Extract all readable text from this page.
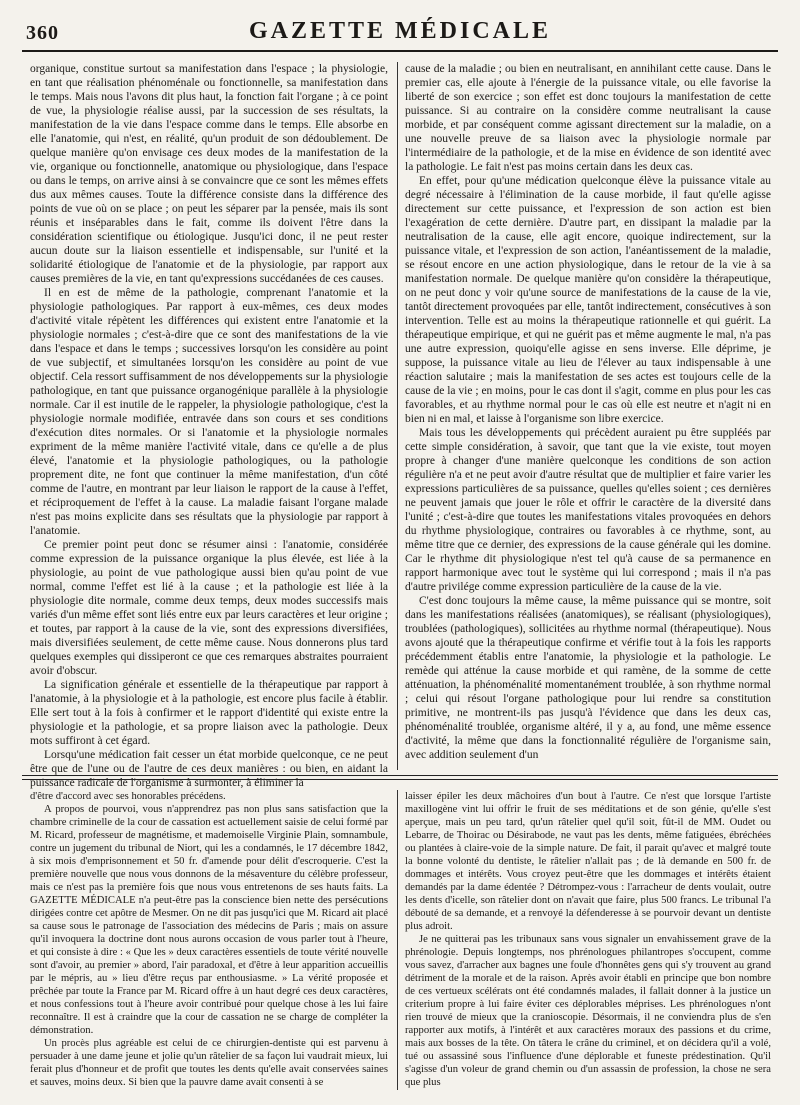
360	GAZETTE MÉDICALE

organique, constitue surtout sa manifestation dans l'espace ; la physiologie, en tant que réalisation phénoménale ou fonctionnelle, sa manifestation dans le temps. Mais nous l'avons dit plus haut, la fonction fait l'organe ; à ce point de vue, la physiologie réalise aussi, par la succession de ses résultats, la manifestation de la vie dans l'espace comme dans le temps. Elle absorbe en elle l'anatomie, qui n'est, en réalité, qu'un produit de son dédoublement. De quelque manière qu'on envisage ces deux modes de la manifestation de la vie, organique ou fonctionnelle, anatomique ou physiologique, dans l'espace ou dans le temps, on arrive ainsi à se convaincre que ce sont les mêmes effets dus aux mêmes causes. Toute la différence consiste dans la différence des points de vue où on se place ; on peut les séparer par la pensée, mais ils sont réunis et inséparables dans le fait, comme ils doivent l'être dans la considération scientifique ou étiologique. Jusqu'ici donc, il ne peut rester aucun doute sur la liaison essentielle et indispensable, sur l'unité et la solidarité étiologique de l'anatomie et de la physiologie, par rapport aux causes premières de la vie, en tant qu'expressions succédanées de ces causes.

Il en est de même de la pathologie, comprenant l'anatomie et la physiologie pathologiques. Par rapport à eux-mêmes, ces deux modes d'activité vitale répètent les différences qui existent entre l'anatomie et la physiologie normales ; c'est-à-dire que ce sont des manifestations de la vie dans l'espace et dans le temps ; successives lorsqu'on les considère au point de vue subjectif, et simultanées lorsqu'on les considère au point de vue objectif. Cela ressort suffisamment de nos développements sur la physiologie pathologique, en tant que puissance organogénique parallèle à la physiologie normale. Car il est inutile de le rappeler, la physiologie pathologique, c'est la physiologie normale modifiée, entravée dans son cours et ses conditions d'exécution dites normales. Or si l'anatomie et la physiologie normales expriment de la même manière l'activité vitale, dans ce qu'elle a de plus élevé, l'anatomie et la physiologie pathologiques, ou la pathologie proprement dite, ne font que continuer la même manifestation, d'un côté comme de l'autre, en montrant par leur liaison le rapport de la cause à l'effet, et réciproquement de l'effet à la cause. La maladie faisant l'organe malade n'est pas moins explicite dans ses résultats que la physiologie par rapport à l'anatomie.

Ce premier point peut donc se résumer ainsi : l'anatomie, considérée comme expression de la puissance organique la plus élevée, est liée à la physiologie, au point de vue pathologique aussi bien qu'au point de vue normal, comme l'effet est lié à la cause ; et la pathologie est liée à la physiologie dite normale, comme deux temps, deux modes successifs mais variés d'un même effet sont liés entre eux par leurs caractères et leur origine ; et toutes, par rapport à la cause de la vie, sont des expressions diversifiées, mais diversifiées seulement, de cette même cause. Nous donnerons plus tard quelques exemples qui dissiperont ce que ces remarques abstraites pourraient avoir d'obscur.

La signification générale et essentielle de la thérapeutique par rapport à l'anatomie, à la physiologie et à la pathologie, est encore plus facile à établir. Elle sert tout à la fois à confirmer et le rapport d'identité qui existe entre la physiologie et la pathologie, et sa propre liaison avec la pathologie. Deux mots suffiront à cet égard.

Lorsqu'une médication fait cesser un état morbide quelconque, ce ne peut être que de l'une ou de l'autre de ces deux manières : ou bien, en aidant la puissance radicale de l'organisme à surmonter, à éliminer la

cause de la maladie ; ou bien en neutralisant, en annihilant cette cause. Dans le premier cas, elle ajoute à l'énergie de la puissance vitale, ou elle favorise la liberté de son exercice ; son effet est donc toujours la manifestation de cette puissance. Si au contraire on la considère comme neutralisant la cause morbide, et par conséquent comme agissant directement sur la maladie, on a une nouvelle preuve de sa liaison avec la physiologie normale par l'intermédiaire de la pathologie, et de la mise en évidence de son identité avec la pathologie. Le fait n'est pas moins certain dans les deux cas.

En effet, pour qu'une médication quelconque élève la puissance vitale au degré nécessaire à l'élimination de la cause morbide, il faut qu'elle agisse directement sur cette puissance, et l'expression de son action est bien l'exagération de cette dernière. D'autre part, en dissipant la maladie par la neutralisation de la cause, elle agit encore, quoique indirectement, sur la puissance vitale, et l'expression de son action, l'anéantissement de la maladie, se résout encore en une action physiologique, dans le retour de la vie à sa manifestation normale. De quelque manière qu'on considère la thérapeutique, on ne peut donc y voir qu'une source de manifestations de la cause de la vie, tantôt directement provoquées par elle, tantôt indirectement, consécutives à son intervention. Telle est au moins la thérapeutique rationnelle et qui guérit. La thérapeutique empirique, et qui ne guérit pas et même augmente le mal, n'a pas une autre expression, quoiqu'elle agisse en sens inverse. Elle déprime, je suppose, la puissance vitale au lieu de l'élever au taux indispensable à une réaction salutaire ; mais la manifestation de ses actes est toujours celle de la cause de la vie ; en moins, pour le cas dont il s'agit, comme en plus pour les cas favorables, et au rhythme normal pour le cas où elle est neutre et n'agit ni en bien ni en mal, et laisse à l'organisme son libre exercice.

Mais tous les développements qui précèdent auraient pu être suppléés par cette simple considération, à savoir, que tant que la vie existe, tout moyen propre à changer d'une manière quelconque les conditions de son action régulière n'a et ne peut avoir d'autre résultat que de multiplier et faire varier les expressions particulières de sa puissance, quelles qu'elles soient ; ces dernières ne peuvent jamais que jouer le rôle et offrir le caractère de la diversité dans l'unité ; c'est-à-dire que toutes les manifestations vitales provoquées en dehors du rhythme physiologique, contraires ou favorables à ce rhythme, sont, au même titre que ce dernier, des expressions de la cause générale qui les domine. Car le rhythme dit physiologique n'est tel qu'à cause de sa permanence en rapport harmonique avec tout le système qui lui correspond ; mais il n'a pas d'autre privilége comme expression particulière de la cause de la vie.

C'est donc toujours la même cause, la même puissance qui se montre, soit dans les manifestations réalisées (anatomiques), se réalisant (physiologiques), troublées (pathologiques), sollicitées au rhythme normal (thérapeutique). Nous avons ajouté que la thérapeutique confirme et vérifie tout à la fois les rapports précédemment établis entre l'anatomie, la physiologie et la pathologie. Le remède qui atténue la cause morbide et qui ramène, de la somme de cette atténuation, la phénoménalité momentanément troublée, à son rhythme normal ; celui qui résout l'organe pathologique pour lui rendre sa constitution primitive, ne montrent-ils pas jusqu'à l'évidence que dans les deux cas, phénoménalité troublée, organisme altéré, il y a, au fond, une même essence d'activité, la même que dans la fonctionnalité régulière de l'organisme sain, avec addition seulement d'un

d'être d'accord avec ses honorables précédens.

A propos de pourvoi, vous n'apprendrez pas non plus sans satisfaction que la chambre criminelle de la cour de cassation est actuellement saisie de celui formé par M. Ricard, professeur de magnétisme, et mademoiselle Virginie Plain, somnambule, contre un jugement du tribunal de Niort, qui les a condamnés, le 17 décembre 1842, à six mois d'emprisonnement et 50 fr. d'amende pour délit d'escroquerie. C'est la première nouvelle que nous vous donnons de la mésaventure du célèbre professeur, mais ce n'est pas la première fois que nous vous entretenons de ses hauts faits. La GAZETTE MÉDICALE n'a peut-être pas la conscience bien nette des persécutions dirigées contre cet apôtre de Mesmer. On ne dit pas jusqu'ici que M. Ricard ait placé sa cause sous le patronage de l'association des médecins de Paris ; mais on assure qu'il invoquera la doctrine dont nous aurons occasion de vous parler tout à l'heure, et qui consiste à dire : « Que les » deux caractères essentiels de toute vérité nouvelle sont d'avoir, au premier » abord, l'air paradoxal, et d'être à leur apparition accueillis par le mépris, au » lieu d'être reçus par enthousiasme. » La vérité proposée et prêchée par toute la France par M. Ricard offre à un haut degré ces deux caractères, et nous confessions tout à l'heure avoir contribué pour quelque chose à les lui faire reconnaître. Il est à craindre que la cour de cassation ne se charge de compléter la démonstration.

Un procès plus agréable est celui de ce chirurgien-dentiste qui est parvenu à persuader à une dame jeune et jolie qu'un râtelier de sa façon lui vaudrait mieux, lui ferait plus d'honneur et de profit que toutes les dents qu'elle avait conservées saines et sauves, moins deux. Si bien que la pauvre dame avait consenti à se

laisser épiler les deux mâchoires d'un bout à l'autre. Ce n'est que lorsque l'artiste maxillogène vint lui offrir le fruit de ses méditations et de son génie, qu'elle s'est aperçue, mais un peu tard, qu'un râtelier quel qu'il soit, fût-il de MM. Oudet ou Lebarre, de Thoirac ou Désirabode, ne vaut pas les dents, même fatiguées, ébréchées ou plantées à claire-voie de la simple nature. De fait, il parait qu'avec et malgré toute la bonne volonté du dentiste, le râtelier n'allait pas ; de là demande en 500 fr. de dommages et intérêts. Vous croyez peut-être que les dommages et intérêts étaient demandés par la dame édentée ? Détrompez-vous : l'arracheur de dents voulait, outre les dents d'icelle, son râtelier dont on n'avait que faire, plus 500 francs. Le tribunal l'a débouté de sa demande, et a renvoyé la défenderesse à se pourvoir devant un dentiste plus adroit.

Je ne quitterai pas les tribunaux sans vous signaler un envahissement grave de la phrénologie. Depuis longtemps, nos phrénologues philantropes s'occupent, comme vous savez, d'arracher aux bagnes une foule d'honnêtes gens qui s'y trouvent au grand détriment de la morale et de la raison. Après avoir établi en principe que bon nombre de ces vertueux scélérats ont été condamnés malades, il fallait donner à la justice un criterium propre à lui faire éviter ces déplorables méprises. Les phrénologues n'ont rien trouvé de mieux que la cranioscopie. Désormais, il ne conviendra plus de s'en rapporter aux motifs, à l'intérêt et aux caractères moraux des passions et du crime, mais aux bosses de la tête. On tâtera le crâne du criminel, et on décidera qu'il a volé, tué ou assassiné sous l'influence d'une déplorable et funeste prédestination. Qu'il s'agisse d'un voleur de grand chemin ou d'un assassin de profession, la chose ne sera que plus
